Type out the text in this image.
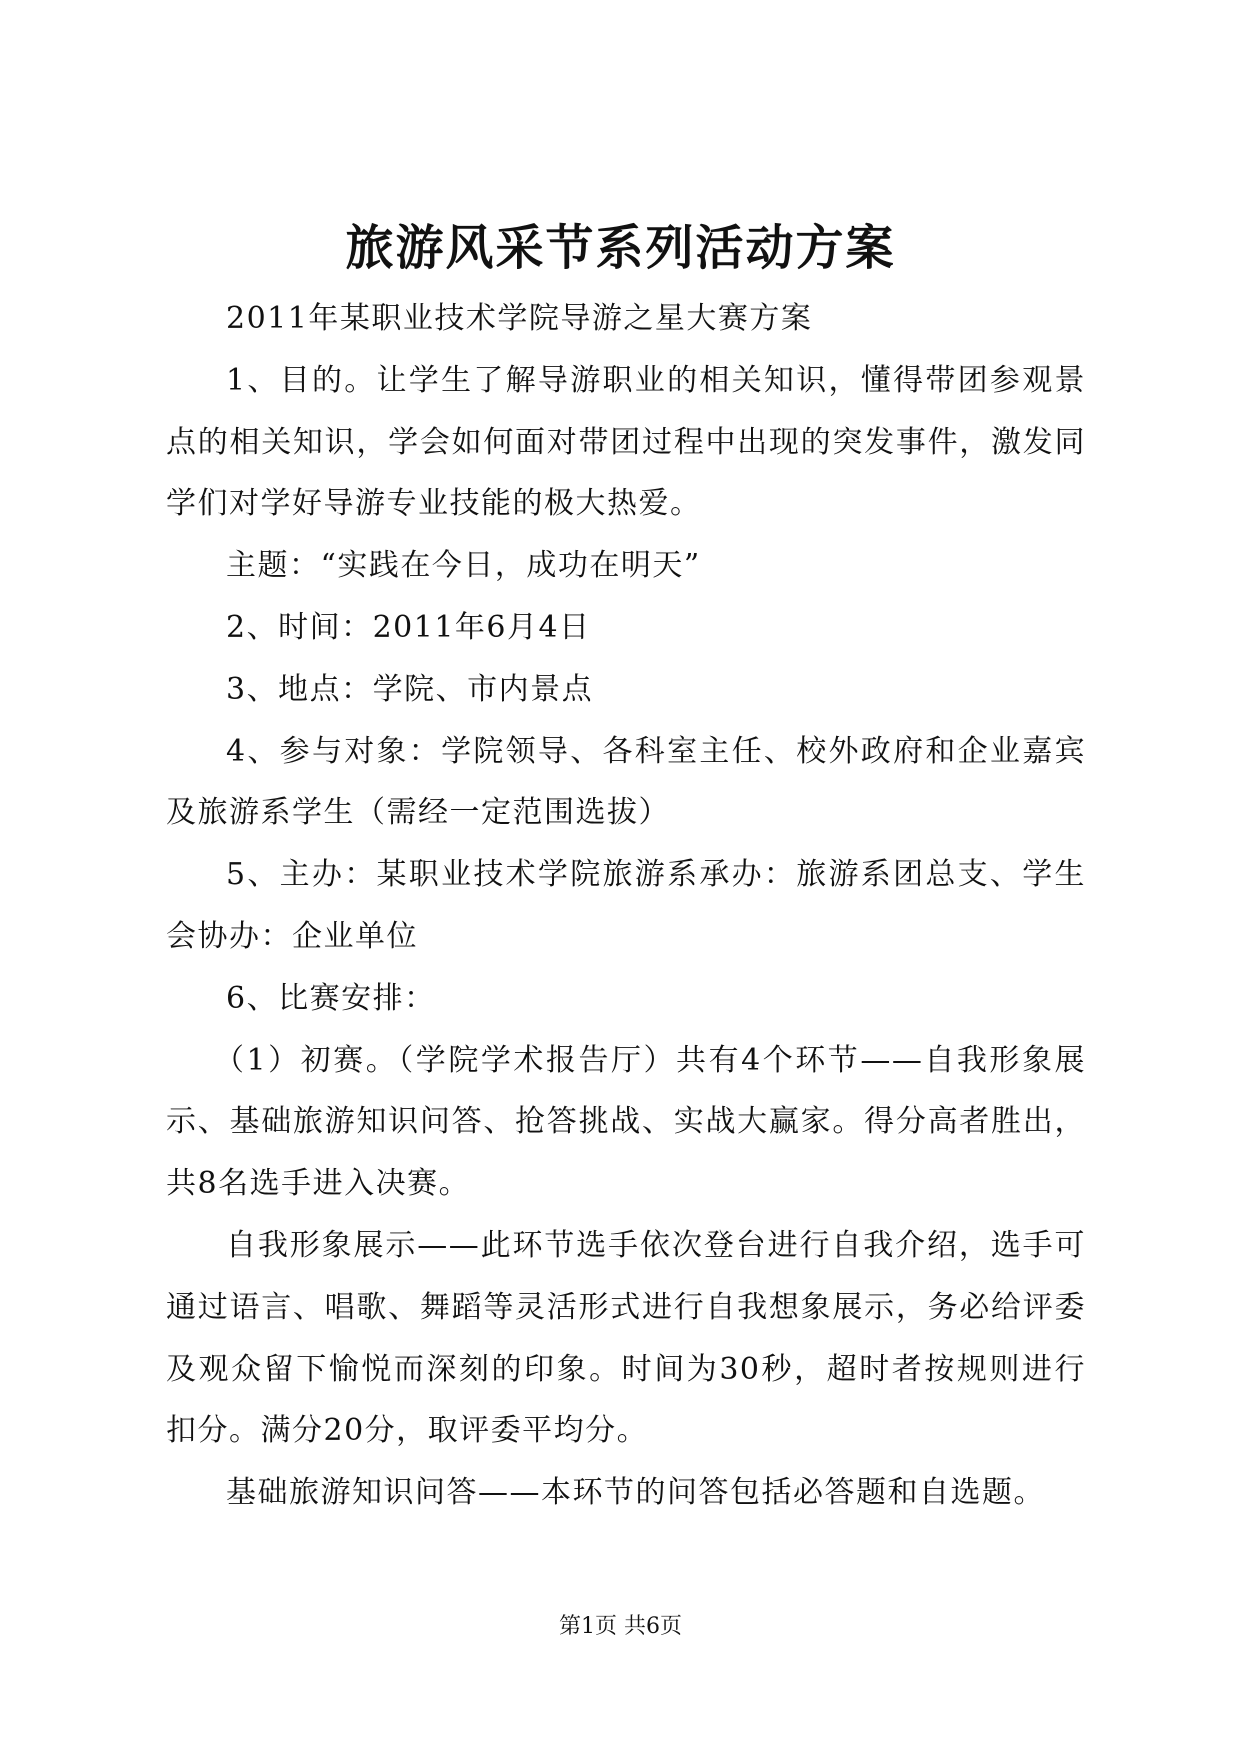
旅游风采节系列活动方案

2011年某职业技术学院导游之星大赛方案

1、目的。让学生了解导游职业的相关知识，懂得带团参观景点的相关知识，学会如何面对带团过程中出现的突发事件，激发同学们对学好导游专业技能的极大热爱。

主题：“实践在今日，成功在明天”

2、时间：2011年6月4日

3、地点：学院、市内景点

4、参与对象：学院领导、各科室主任、校外政府和企业嘉宾及旅游系学生（需经一定范围选拔）

5、主办：某职业技术学院旅游系承办：旅游系团总支、学生会协办：企业单位

6、比赛安排：

（1）初赛。（学院学术报告厅）共有4个环节——自我形象展示、基础旅游知识问答、抢答挑战、实战大赢家。得分高者胜出，共8名选手进入决赛。

自我形象展示——此环节选手依次登台进行自我介绍，选手可通过语言、唱歌、舞蹈等灵活形式进行自我想象展示，务必给评委及观众留下愉悦而深刻的印象。时间为30秒，超时者按规则进行扣分。满分20分，取评委平均分。

基础旅游知识问答——本环节的问答包括必答题和自选题。

第1页 共6页
